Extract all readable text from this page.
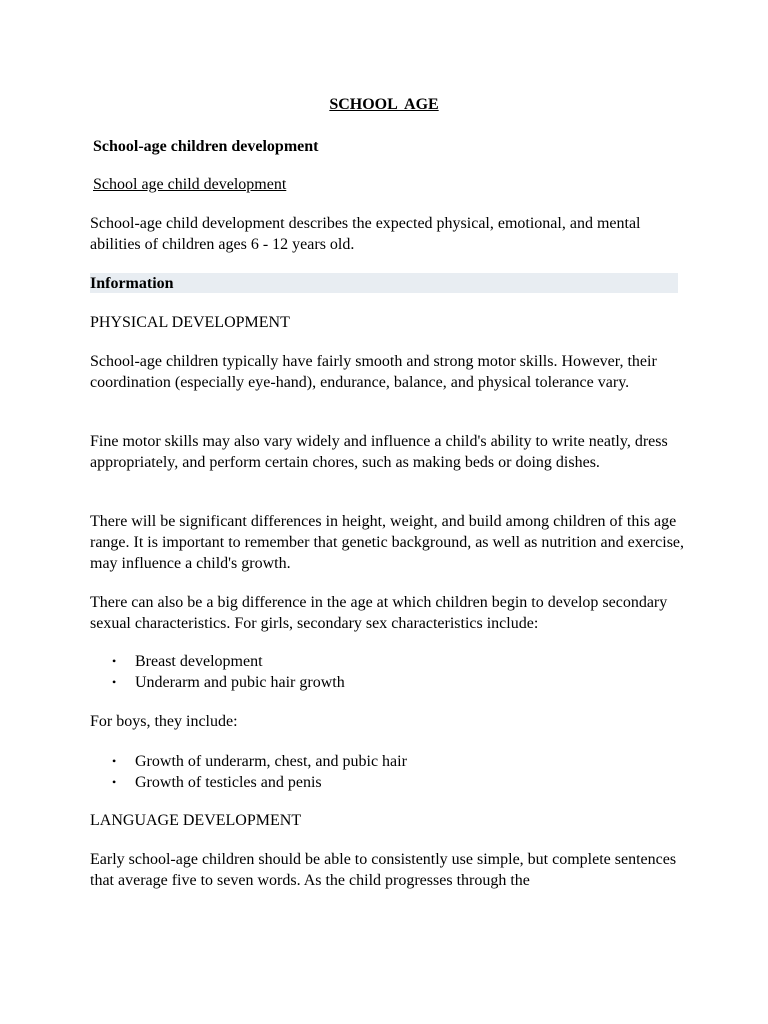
SCHOOL  AGE
School-age children development
School age child development

School-age child development describes the expected physical, emotional, and mental abilities of children ages 6 - 12 years old.

Information
PHYSICAL DEVELOPMENT

School-age children typically have fairly smooth and strong motor skills. However, their coordination (especially eye-hand), endurance, balance, and physical tolerance vary.

Fine motor skills may also vary widely and influence a child's ability to write neatly, dress appropriately, and perform certain chores, such as making beds or doing dishes.

There will be significant differences in height, weight, and build among children of this age range. It is important to remember that genetic background, as well as nutrition and exercise, may influence a child's growth.

There can also be a big difference in the age at which children begin to develop secondary sexual characteristics. For girls, secondary sex characteristics include:

• Breast development
• Underarm and pubic hair growth
For boys, they include:
• Growth of underarm, chest, and pubic hair
• Growth of testicles and penis
LANGUAGE DEVELOPMENT

Early school-age children should be able to consistently use simple, but complete sentences that average five to seven words. As the child progresses through the
